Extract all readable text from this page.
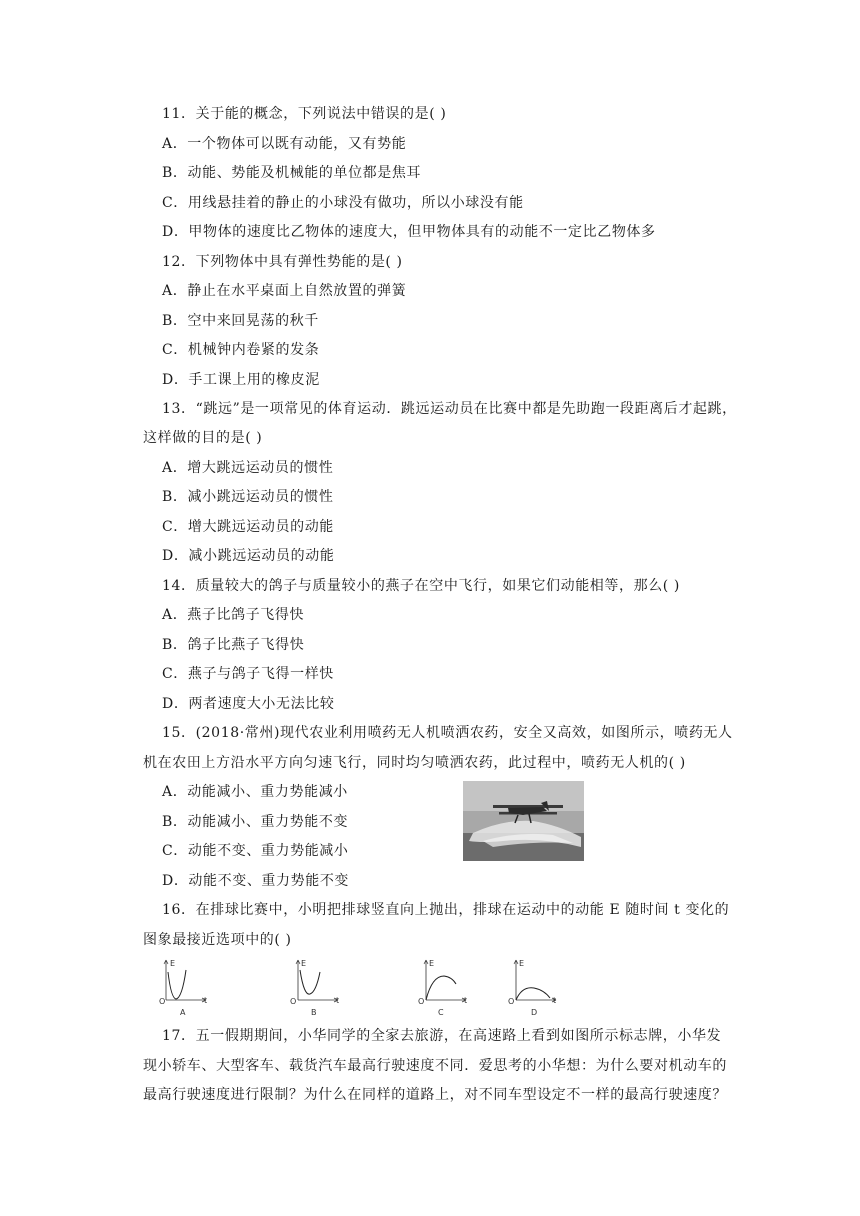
11．关于能的概念，下列说法中错误的是( )
A．一个物体可以既有动能，又有势能
B．动能、势能及机械能的单位都是焦耳
C．用线悬挂着的静止的小球没有做功，所以小球没有能
D．甲物体的速度比乙物体的速度大，但甲物体具有的动能不一定比乙物体多
12．下列物体中具有弹性势能的是( )
A．静止在水平桌面上自然放置的弹簧
B．空中来回晃荡的秋千
C．机械钟内卷紧的发条
D．手工课上用的橡皮泥
13．“跳远”是一项常见的体育运动．跳远运动员在比赛中都是先助跑一段距离后才起跳，
这样做的目的是( )
A．增大跳远运动员的惯性
B．减小跳远运动员的惯性
C．增大跳远运动员的动能
D．减小跳远运动员的动能
14．质量较大的鸽子与质量较小的燕子在空中飞行，如果它们动能相等，那么( )
A．燕子比鸽子飞得快
B．鸽子比燕子飞得快
C．燕子与鸽子飞得一样快
D．两者速度大小无法比较
15．(2018·常州)现代农业利用喷药无人机喷洒农药，安全又高效，如图所示，喷药无人
机在农田上方沿水平方向匀速飞行，同时均匀喷洒农药，此过程中，喷药无人机的( )
A．动能减小、重力势能减小
B．动能减小、重力势能不变
C．动能不变、重力势能减小
D．动能不变、重力势能不变
16．在排球比赛中，小明把排球竖直向上抛出，排球在运动中的动能 E 随时间 t 变化的
图象最接近选项中的( )
E
O	t
A
E
O	t
B
E
O	t
C
E
O	t
D
17．五一假期期间，小华同学的全家去旅游，在高速路上看到如图所示标志牌，小华发
现小轿车、大型客车、载货汽车最高行驶速度不同．爱思考的小华想：为什么要对机动车的
最高行驶速度进行限制？为什么在同样的道路上，对不同车型设定不一样的最高行驶速度？
